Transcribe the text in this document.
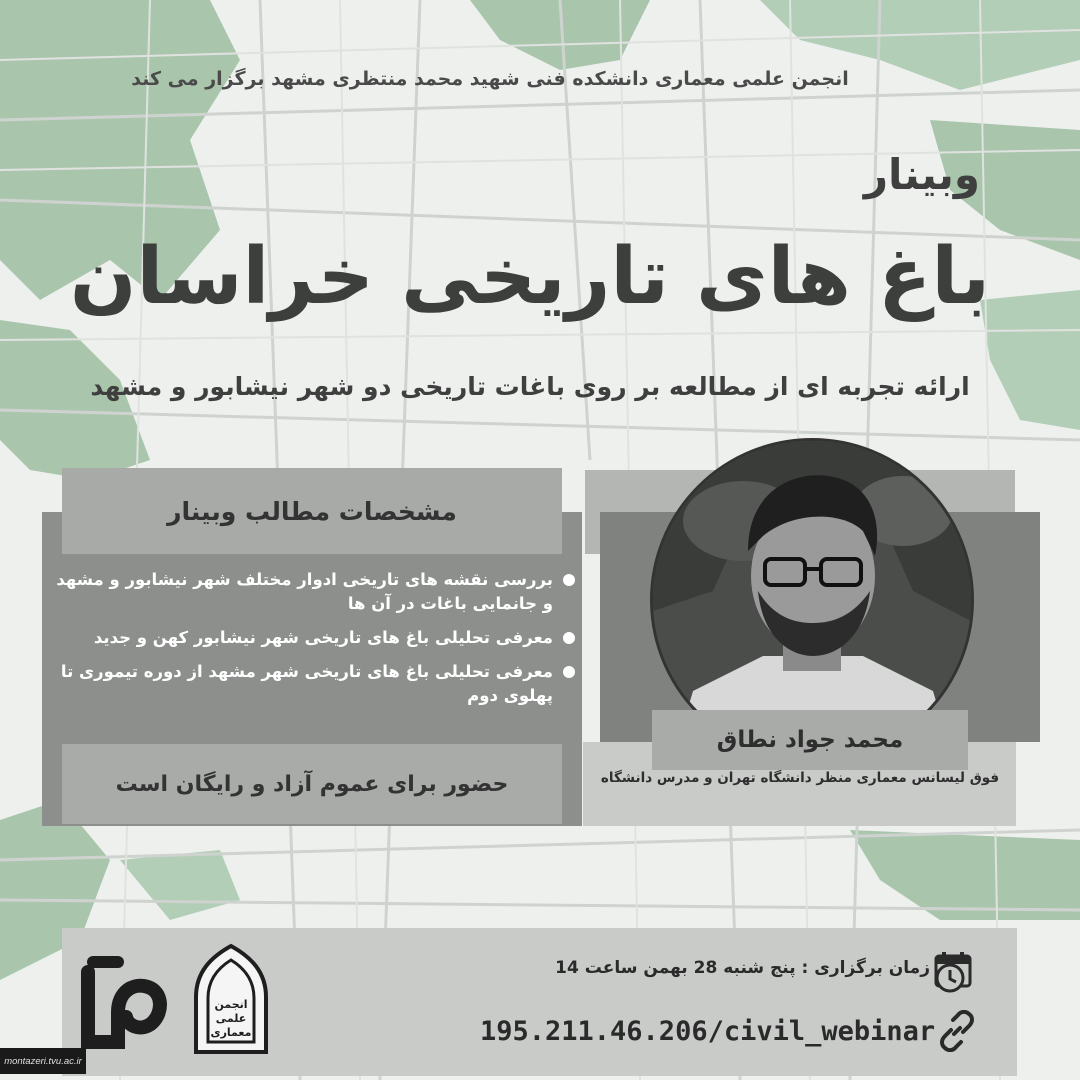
انجمن علمی معماری دانشکده فنی شهید محمد منتظری مشهد برگزار می کند
وبینار
باغ های تاریخی خراسان
ارائه تجربه ای از مطالعه بر روی باغات تاریخی دو شهر نیشابور و مشهد
مشخصات مطالب وبینار
بررسی نقشه های تاریخی ادوار مختلف شهر نیشابور و مشهد و جانمایی باغات در آن ها
معرفی تحلیلی باغ های تاریخی شهر نیشابور کهن و جدید
معرفی تحلیلی باغ های تاریخی شهر مشهد از دوره تیموری تا پهلوی دوم
حضور برای عموم آزاد و رایگان است
محمد جواد نطاق
فوق لیسانس معماری منظر دانشگاه تهران و مدرس دانشگاه
زمان برگزاری : پنج شنبه 28 بهمن ساعت 14
195.211.46.206/civil_webinar
انجمن
علمی
معماری
montazeri.tvu.ac.ir
